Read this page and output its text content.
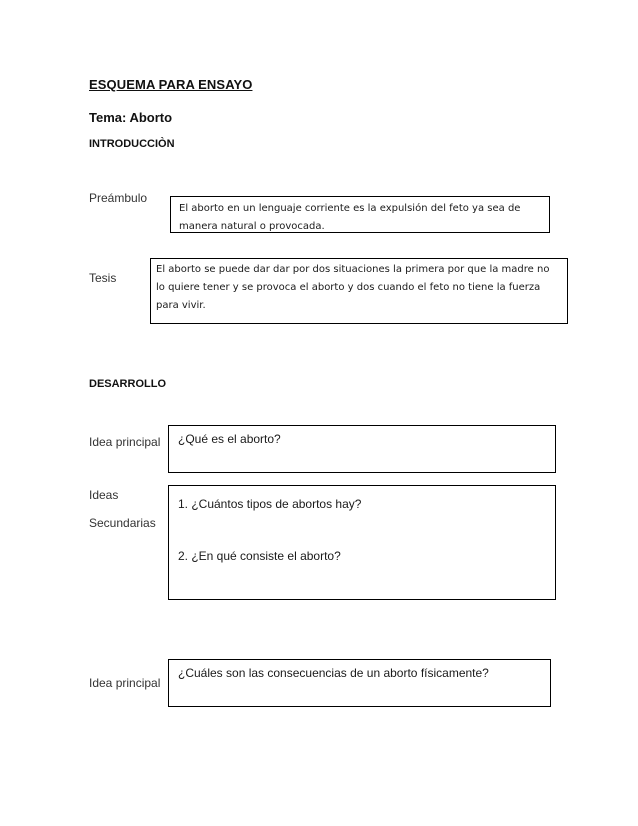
ESQUEMA PARA ENSAYO
Tema: Aborto
INTRODUCCIÒN
Preámbulo
El aborto en un lenguaje corriente es la expulsión del feto ya sea de manera natural o provocada.
Tesis
El aborto se puede dar dar por dos situaciones la primera por que la madre no lo quiere tener y se provoca el aborto y dos cuando el feto no tiene la fuerza para vivir.
DESARROLLO
Idea principal	¿Qué es el aborto?
Ideas
Secundarias
1. ¿Cuántos tipos de abortos hay?
2. ¿En qué consiste el aborto?
Idea principal
¿Cuáles son las consecuencias de un aborto físicamente?
